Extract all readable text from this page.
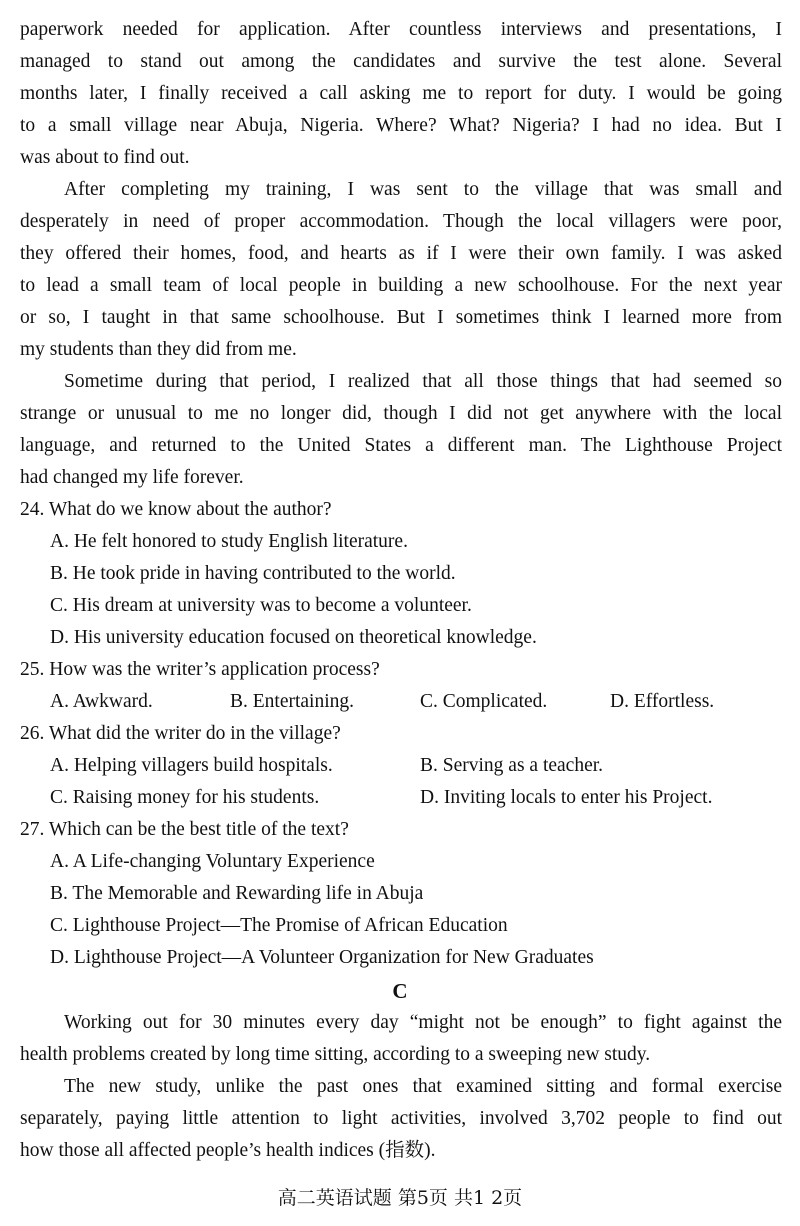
paperwork needed for application. After countless interviews and presentations, I
managed to stand out among the candidates and survive the test alone. Several
months later, I finally received a call asking me to report for duty. I would be going
to a small village near Abuja, Nigeria. Where? What? Nigeria? I had no idea. But I
was about to find out.
After completing my training, I was sent to the village that was small and
desperately in need of proper accommodation. Though the local villagers were poor,
they offered their homes, food, and hearts as if I were their own family. I was asked
to lead a small team of local people in building a new schoolhouse. For the next year
or so, I taught in that same schoolhouse. But I sometimes think I learned more from
my students than they did from me.
Sometime during that period, I realized that all those things that had seemed so
strange or unusual to me no longer did, though I did not get anywhere with the local
language, and returned to the United States a different man. The Lighthouse Project
had changed my life forever.
24. What do we know about the author?
A. He felt honored to study English literature.
B. He took pride in having contributed to the world.
C. His dream at university was to become a volunteer.
D. His university education focused on theoretical knowledge.
25. How was the writer’s application process?
A. Awkward.	B. Entertaining.	C. Complicated.	D. Effortless.
26. What did the writer do in the village?
A. Helping villagers build hospitals.	B. Serving as a teacher.
C. Raising money for his students.	D. Inviting locals to enter his Project.
27. Which can be the best title of the text?
A. A Life-changing Voluntary Experience
B. The Memorable and Rewarding life in Abuja
C. Lighthouse Project—The Promise of African Education
D. Lighthouse Project—A Volunteer Organization for New Graduates
C
Working out for 30 minutes every day “might not be enough” to fight against the
health problems created by long time sitting, according to a sweeping new study.
The new study, unlike the past ones that examined sitting and formal exercise
separately, paying little attention to light activities, involved 3,702 people to find out
how those all affected people’s health indices (指数).
高二英语试题 第5页 共1 2页
